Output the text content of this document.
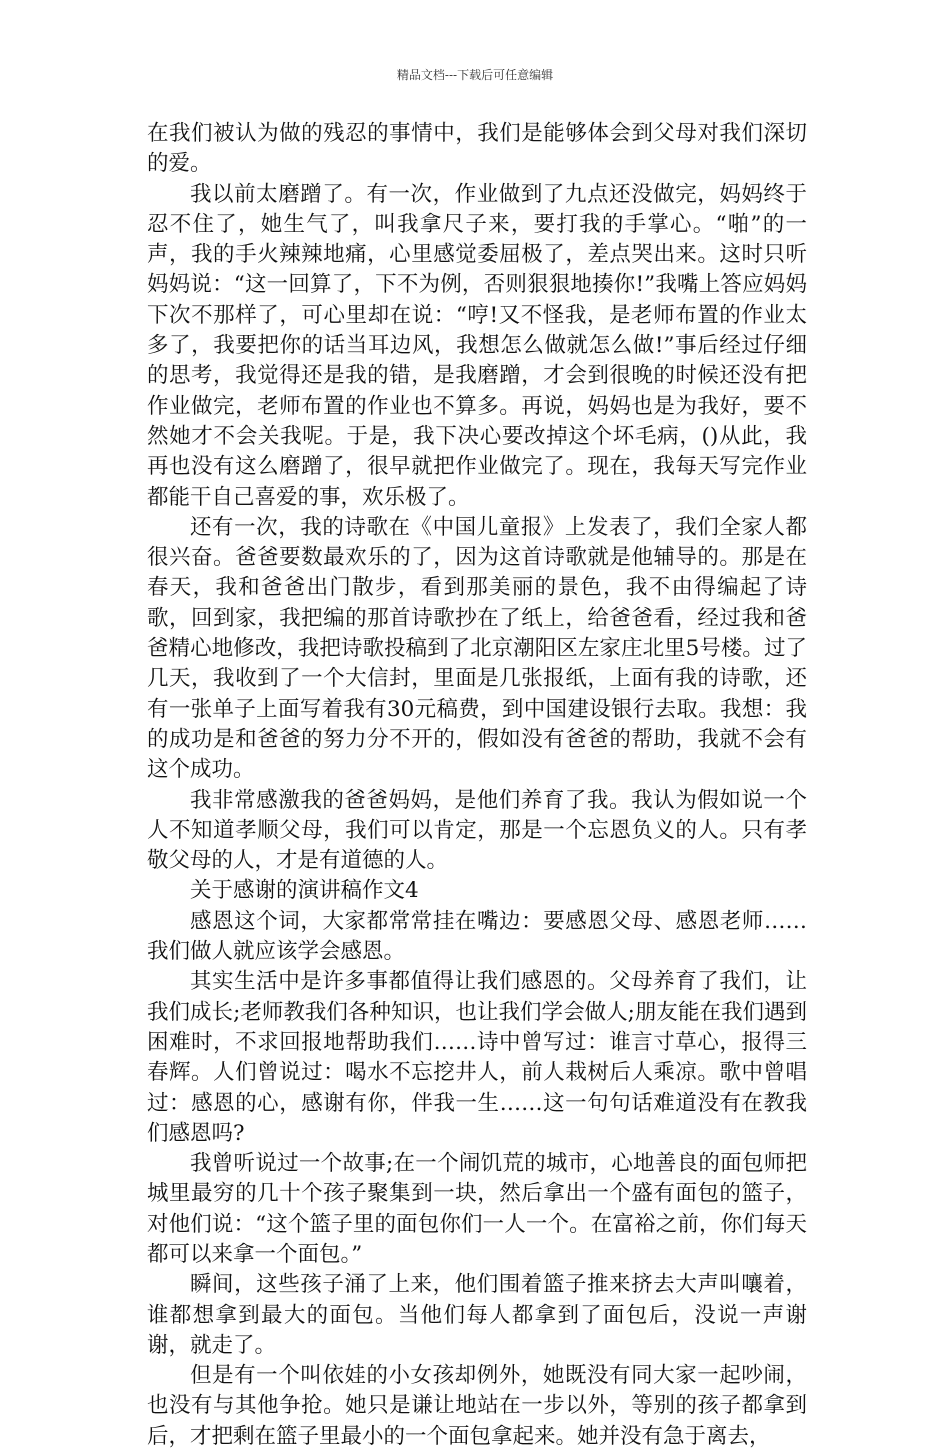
精品文档---下载后可任意编辑

在我们被认为做的残忍的事情中，我们是能够体会到父母对我们深切的爱。

我以前太磨蹭了。有一次，作业做到了九点还没做完，妈妈终于忍不住了，她生气了，叫我拿尺子来，要打我的手掌心。“啪”的一声，我的手火辣辣地痛，心里感觉委屈极了，差点哭出来。这时只听妈妈说：“这一回算了，下不为例，否则狠狠地揍你!”我嘴上答应妈妈下次不那样了，可心里却在说：“哼!又不怪我，是老师布置的作业太多了，我要把你的话当耳边风，我想怎么做就怎么做!”事后经过仔细的思考，我觉得还是我的错，是我磨蹭，才会到很晚的时候还没有把作业做完，老师布置的作业也不算多。再说，妈妈也是为我好，要不然她才不会关我呢。于是，我下决心要改掉这个坏毛病，()从此，我再也没有这么磨蹭了，很早就把作业做完了。现在，我每天写完作业都能干自己喜爱的事，欢乐极了。

还有一次，我的诗歌在《中国儿童报》上发表了，我们全家人都很兴奋。爸爸要数最欢乐的了，因为这首诗歌就是他辅导的。那是在春天，我和爸爸出门散步，看到那美丽的景色，我不由得编起了诗歌，回到家，我把编的那首诗歌抄在了纸上，给爸爸看，经过我和爸爸精心地修改，我把诗歌投稿到了北京潮阳区左家庄北里5号楼。过了几天，我收到了一个大信封，里面是几张报纸，上面有我的诗歌，还有一张单子上面写着我有30元稿费，到中国建设银行去取。我想：我的成功是和爸爸的努力分不开的，假如没有爸爸的帮助，我就不会有这个成功。

我非常感激我的爸爸妈妈，是他们养育了我。我认为假如说一个人不知道孝顺父母，我们可以肯定，那是一个忘恩负义的人。只有孝敬父母的人，才是有道德的人。

关于感谢的演讲稿作文4

感恩这个词，大家都常常挂在嘴边：要感恩父母、感恩老师……我们做人就应该学会感恩。

其实生活中是许多事都值得让我们感恩的。父母养育了我们，让我们成长;老师教我们各种知识，也让我们学会做人;朋友能在我们遇到困难时，不求回报地帮助我们……诗中曾写过：谁言寸草心，报得三春辉。人们曾说过：喝水不忘挖井人，前人栽树后人乘凉。歌中曾唱过：感恩的心，感谢有你，伴我一生……这一句句话难道没有在教我们感恩吗?

我曾听说过一个故事;在一个闹饥荒的城市，心地善良的面包师把城里最穷的几十个孩子聚集到一块，然后拿出一个盛有面包的篮子，对他们说：“这个篮子里的面包你们一人一个。在富裕之前，你们每天都可以来拿一个面包。”

瞬间，这些孩子涌了上来，他们围着篮子推来挤去大声叫嚷着，谁都想拿到最大的面包。当他们每人都拿到了面包后，没说一声谢谢，就走了。

但是有一个叫依娃的小女孩却例外，她既没有同大家一起吵闹，也没有与其他争抢。她只是谦让地站在一步以外，等别的孩子都拿到后，才把剩在篮子里最小的一个面包拿起来。她并没有急于离去，
